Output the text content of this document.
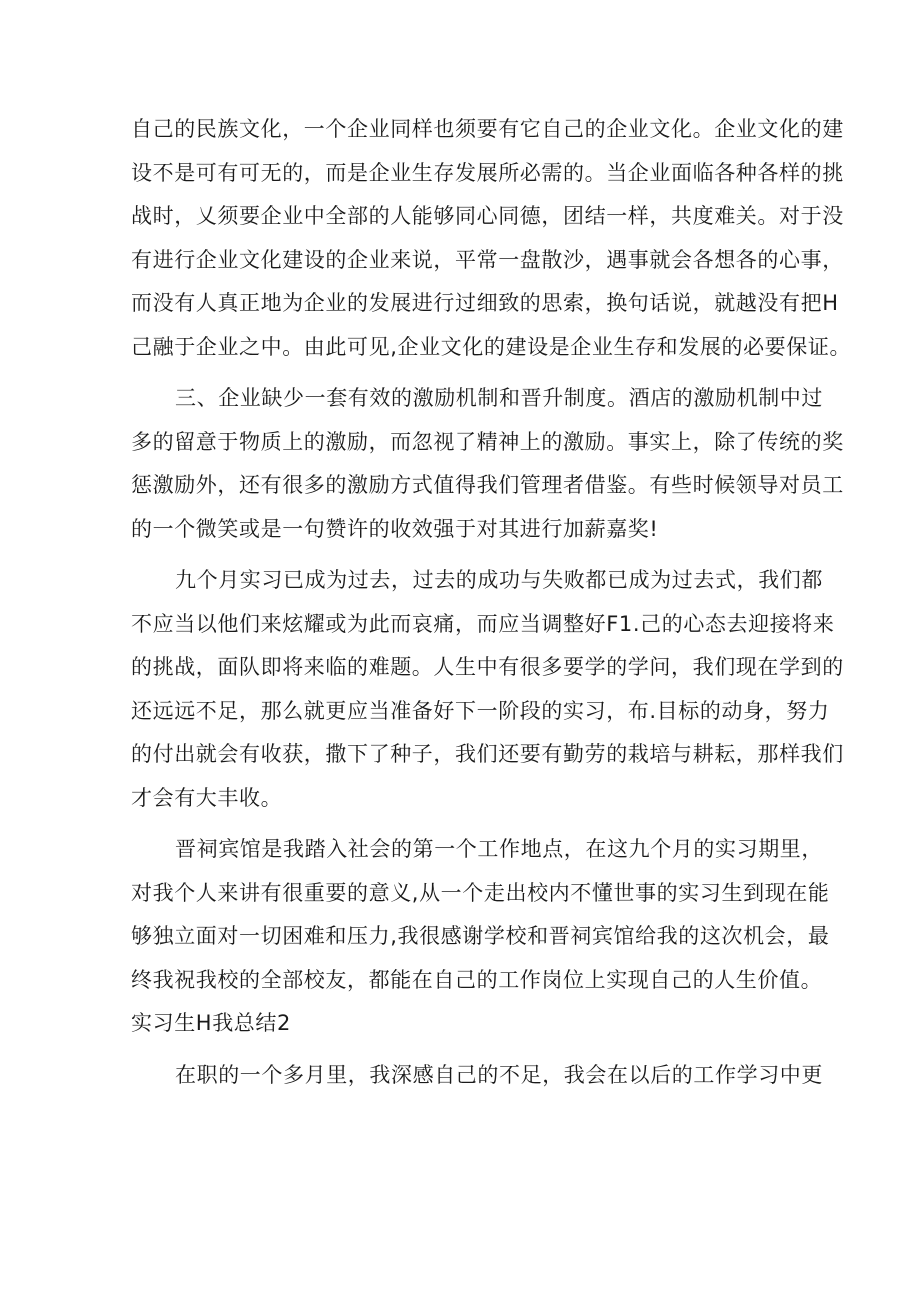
自己的民族文化，一个企业同样也须要有它自己的企业文化。企业文化的建
设不是可有可无的，而是企业生存发展所必需的。当企业面临各种各样的挑
战时，乂须要企业中全部的人能够同心同德，团结一样，共度难关。对于没
有进行企业文化建设的企业来说，平常一盘散沙，遇事就会各想各的心事，
而没有人真正地为企业的发展进行过细致的思索，换句话说，就越没有把H
己融于企业之中。由此可见,企业文化的建设是企业生存和发展的必要保证。
三、企业缺少一套有效的激励机制和晋升制度。酒店的激励机制中过
多的留意于物质上的激励，而忽视了精神上的激励。事实上，除了传统的奖
惩激励外，还有很多的激励方式值得我们管理者借鉴。有些时候领导对员工
的一个微笑或是一句赞许的收效强于对其进行加薪嘉奖!
九个月实习已成为过去，过去的成功与失败都已成为过去式，我们都
不应当以他们来炫耀或为此而哀痛，而应当调整好F1.己的心态去迎接将来
的挑战，面队即将来临的难题。人生中有很多要学的学问，我们现在学到的
还远远不足，那么就更应当准备好下一阶段的实习，布.目标的动身，努力
的付出就会有收获，撒下了种子，我们还要有勤劳的栽培与耕耘，那样我们
才会有大丰收。
晋祠宾馆是我踏入社会的第一个工作地点，在这九个月的实习期里，
对我个人来讲有很重要的意义,从一个走出校内不懂世事的实习生到现在能
够独立面对一切困难和压力,我很感谢学校和晋祠宾馆给我的这次机会，最
终我祝我校的全部校友，都能在自己的工作岗位上实现自己的人生价值。
实习生H我总结2
在职的一个多月里，我深感自己的不足，我会在以后的工作学习中更
